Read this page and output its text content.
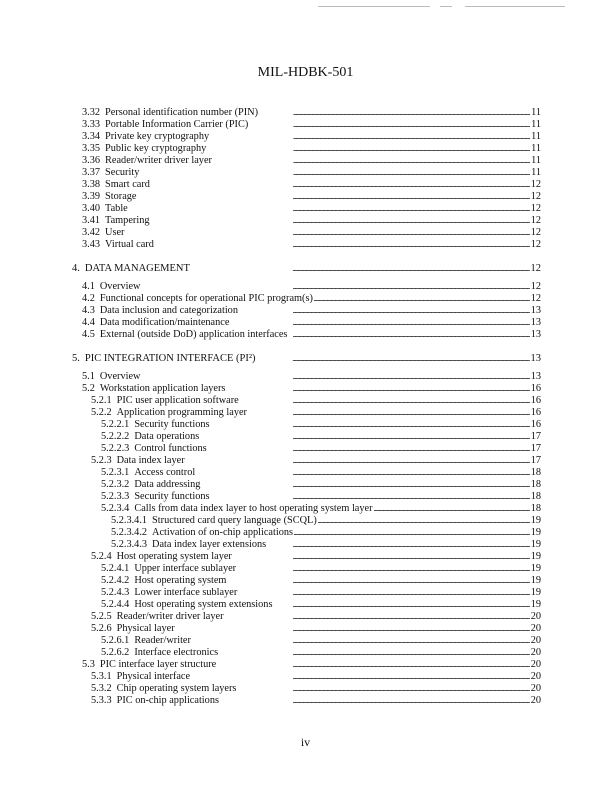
MIL-HDBK-501
3.32 Personal identification number (PIN) . . .	11
3.33 Portable Information Carrier (PIC) . . .	11
3.34 Private key cryptography . . .	11
3.35 Public key cryptography . . .	11
3.36 Reader/writer driver layer . . .	11
3.37 Security . . .	11
3.38 Smart card . . .	12
3.39 Storage . . .	12
3.40 Table . . .	12
3.41 Tampering . . .	12
3.42 User . . .	12
3.43 Virtual card . . .	12
4. DATA MANAGEMENT . . .	12
4.1 Overview . . .	12
4.2 Functional concepts for operational PIC program(s) . . .	12
4.3 Data inclusion and categorization . . .	13
4.4 Data modification/maintenance . . .	13
4.5 External (outside DoD) application interfaces . . .	13
5. PIC INTEGRATION INTERFACE (PI²) . . .	13
5.1 Overview . . .	13
5.2 Workstation application layers . . .	16
5.2.1 PIC user application software . . .	16
5.2.2 Application programming layer . . .	16
5.2.2.1 Security functions . . .	16
5.2.2.2 Data operations . . .	17
5.2.2.3 Control functions . . .	17
5.2.3 Data index layer . . .	17
5.2.3.1 Access control . . .	18
5.2.3.2 Data addressing . . .	18
5.2.3.3 Security functions . . .	18
5.2.3.4 Calls from data index layer to host operating system layer . . .	18
5.2.3.4.1 Structured card query language (SCQL) . . .	19
5.2.3.4.2 Activation of on-chip applications . . .	19
5.2.3.4.3 Data index layer extensions . . .	19
5.2.4 Host operating system layer . . .	19
5.2.4.1 Upper interface sublayer . . .	19
5.2.4.2 Host operating system . . .	19
5.2.4.3 Lower interface sublayer . . .	19
5.2.4.4 Host operating system extensions . . .	19
5.2.5 Reader/writer driver layer . . .	20
5.2.6 Physical layer . . .	20
5.2.6.1 Reader/writer . . .	20
5.2.6.2 Interface electronics . . .	20
5.3 PIC interface layer structure . . .	20
5.3.1 Physical interface . . .	20
5.3.2 Chip operating system layers . . .	20
5.3.3 PIC on-chip applications . . .	20
iv
